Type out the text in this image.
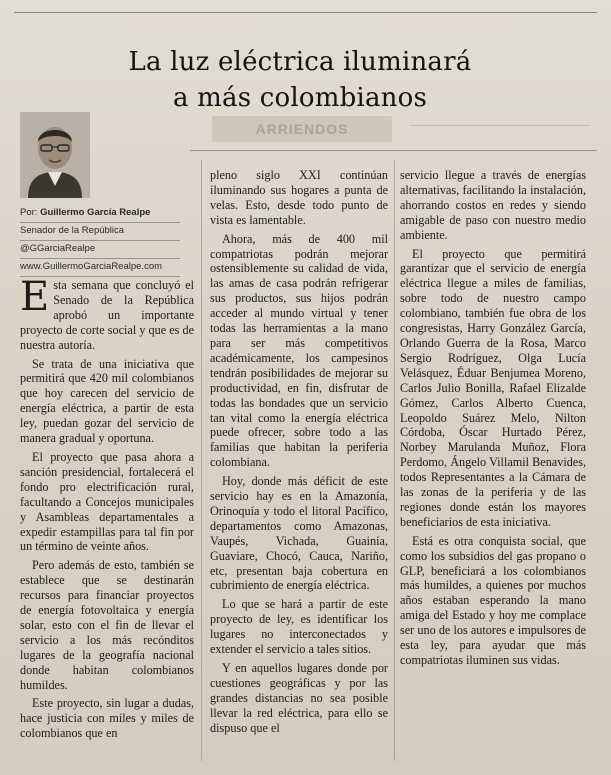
La luz eléctrica iluminará
a más colombianos
ARRIENDOS
Por: Guillermo García Realpe
Senador de la República
@GGarciaRealpe
www.GuillermoGarciaRealpe.com

Esta semana que concluyó el Senado de la República aprobó un importante proyecto de corte social y que es de nuestra autoría.

Se trata de una iniciativa que permitirá que 420 mil colombianos que hoy carecen del servicio de energía eléctrica, a partir de esta ley, puedan gozar del servicio de manera gradual y oportuna.

El proyecto que pasa ahora a sanción presidencial, fortalecerá el fondo pro electrificación rural, facultando a Concejos municipales y Asambleas departamentales a expedir estampillas para tal fin por un término de veinte años.

Pero además de esto, también se establece que se destinarán recursos para financiar proyectos de energía fotovoltaica y energía solar, esto con el fin de llevar el servicio a los más recónditos lugares de la geografía nacional donde habitan colombianos humildes.

Este proyecto, sin lugar a dudas, hace justicia con miles y miles de colombianos que en

pleno siglo XXI continúan iluminando sus hogares a punta de velas. Esto, desde todo punto de vista es lamentable.

Ahora, más de 400 mil compatriotas podrán mejorar ostensiblemente su calidad de vida, las amas de casa podrán refrigerar sus productos, sus hijos podrán acceder al mundo virtual y tener todas las herramientas a la mano para ser más competitivos académicamente, los campesinos tendrán posibilidades de mejorar su productividad, en fin, disfrutar de todas las bondades que un servicio tan vital como la energía eléctrica puede ofrecer, sobre todo a las familias que habitan la periferia colombiana.

Hoy, donde más déficit de este servicio hay es en la Amazonía, Orinoquía y todo el litoral Pacífico, departamentos como Amazonas, Vaupés, Vichada, Guainía, Guaviare, Chocó, Cauca, Nariño, etc, presentan baja cobertura en cubrimiento de energía eléctrica.

Lo que se hará a partir de este proyecto de ley, es identificar los lugares no interconectados y extender el servicio a tales sitios.

Y en aquellos lugares donde por cuestiones geográficas y por las grandes distancias no sea posible llevar la red eléctrica, para ello se dispuso que el

servicio llegue a través de energías alternativas, facilitando la instalación, ahorrando costos en redes y siendo amigable de paso con nuestro medio ambiente.

El proyecto que permitirá garantizar que el servicio de energía eléctrica llegue a miles de familias, sobre todo de nuestro campo colombiano, también fue obra de los congresistas, Harry González García, Orlando Guerra de la Rosa, Marco Sergio Rodríguez, Olga Lucía Velásquez, Éduar Benjumea Moreno, Carlos Julio Bonilla, Rafael Elizalde Gómez, Carlos Alberto Cuenca, Leopoldo Suárez Melo, Nilton Córdoba, Óscar Hurtado Pérez, Norbey Marulanda Muñoz, Flora Perdomo, Ángelo Villamil Benavides, todos Representantes a la Cámara de las zonas de la periferia y de las regiones donde están los mayores beneficiarios de esta iniciativa.

Está es otra conquista social, que como los subsidios del gas propano o GLP, beneficiará a los colombianos más humildes, a quienes por muchos años estaban esperando la mano amiga del Estado y hoy me complace ser uno de los autores e impulsores de esta ley, para ayudar que más compatriotas iluminen sus vidas.
